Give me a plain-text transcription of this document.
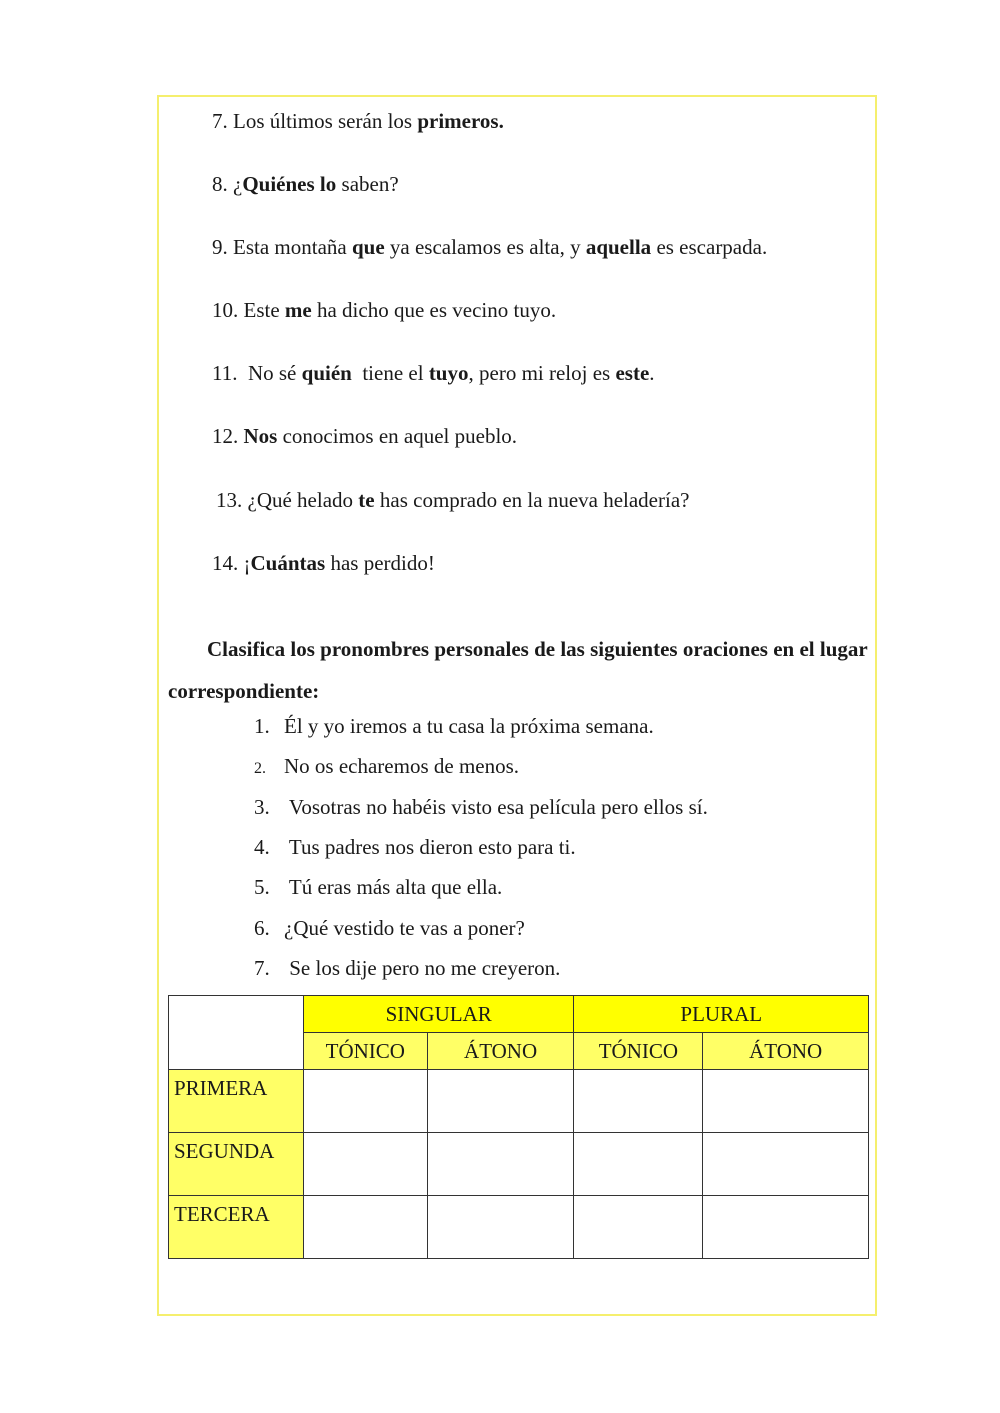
7. Los últimos serán los primeros.
8. ¿Quiénes lo saben?
9. Esta montaña que ya escalamos es alta, y aquella es escarpada.
10. Este me ha dicho que es vecino tuyo.
11.  No sé quién  tiene el tuyo, pero mi reloj es este.
12. Nos conocimos en aquel pueblo.
13. ¿Qué helado te has comprado en la nueva heladería?
14. ¡Cuántas has perdido!
Clasifica los pronombres personales de las siguientes oraciones en el lugar correspondiente:
1. Él y yo iremos a tu casa la próxima semana.
2. No os echaremos de menos.
3. Vosotras no habéis visto esa película pero ellos sí.
4. Tus padres nos dieron esto para ti.
5. Tú eras más alta que ella.
6. ¿Qué vestido te vas a poner?
7. Se los dije pero no me creyeron.
	SINGULAR		PLURAL	
	TÓNICO	ÁTONO	TÓNICO	ÁTONO
PRIMERA				
SEGUNDA				
TERCERA				
